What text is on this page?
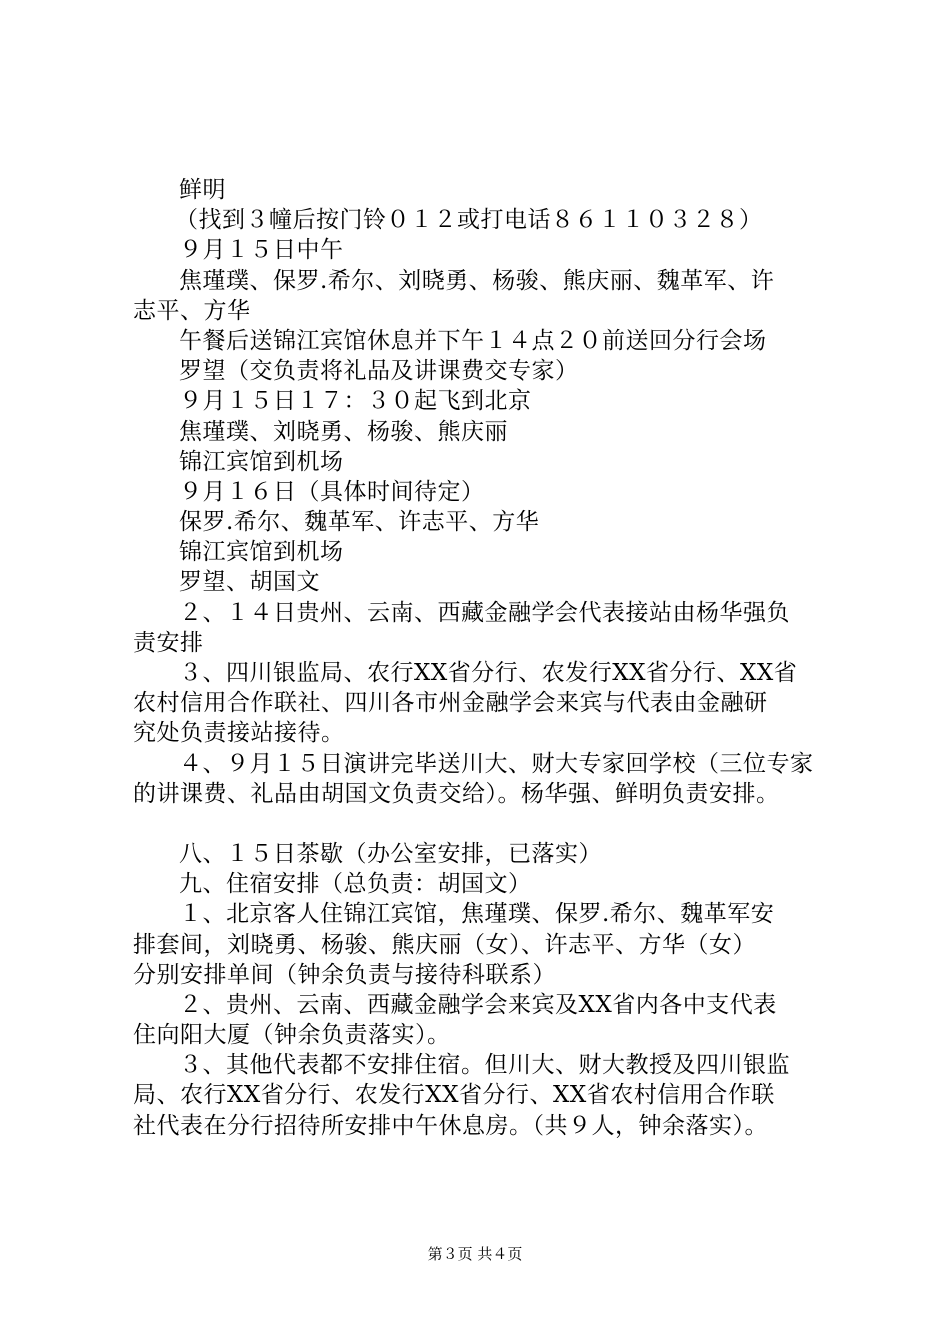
鲜明
（找到３幢后按门铃０１２或打电话８６１１０３２８）
９月１５日中午
焦瑾璞、保罗.希尔、刘晓勇、杨骏、熊庆丽、魏革军、许
志平、方华
午餐后送锦江宾馆休息并下午１４点２０前送回分行会场
罗望（交负责将礼品及讲课费交专家）
９月１５日１７：３０起飞到北京
焦瑾璞、刘晓勇、杨骏、熊庆丽
锦江宾馆到机场
９月１６日（具体时间待定）
保罗.希尔、魏革军、许志平、方华
锦江宾馆到机场
罗望、胡国文
２、１４日贵州、云南、西藏金融学会代表接站由杨华强负
责安排
３、四川银监局、农行XX省分行、农发行XX省分行、XX省
农村信用合作联社、四川各市州金融学会来宾与代表由金融研
究处负责接站接待。
４、９月１５日演讲完毕送川大、财大专家回学校（三位专家
的讲课费、礼品由胡国文负责交给）。杨华强、鲜明负责安排。
八、１５日茶歇（办公室安排，已落实）
九、住宿安排（总负责：胡国文）
１、北京客人住锦江宾馆，焦瑾璞、保罗.希尔、魏革军安
排套间，刘晓勇、杨骏、熊庆丽（女）、许志平、方华（女）
分别安排单间（钟余负责与接待科联系）
２、贵州、云南、西藏金融学会来宾及XX省内各中支代表
住向阳大厦（钟余负责落实）。
３、其他代表都不安排住宿。但川大、财大教授及四川银监
局、农行XX省分行、农发行XX省分行、XX省农村信用合作联
社代表在分行招待所安排中午休息房。（共９人，钟余落实）。
第３页 共４页
